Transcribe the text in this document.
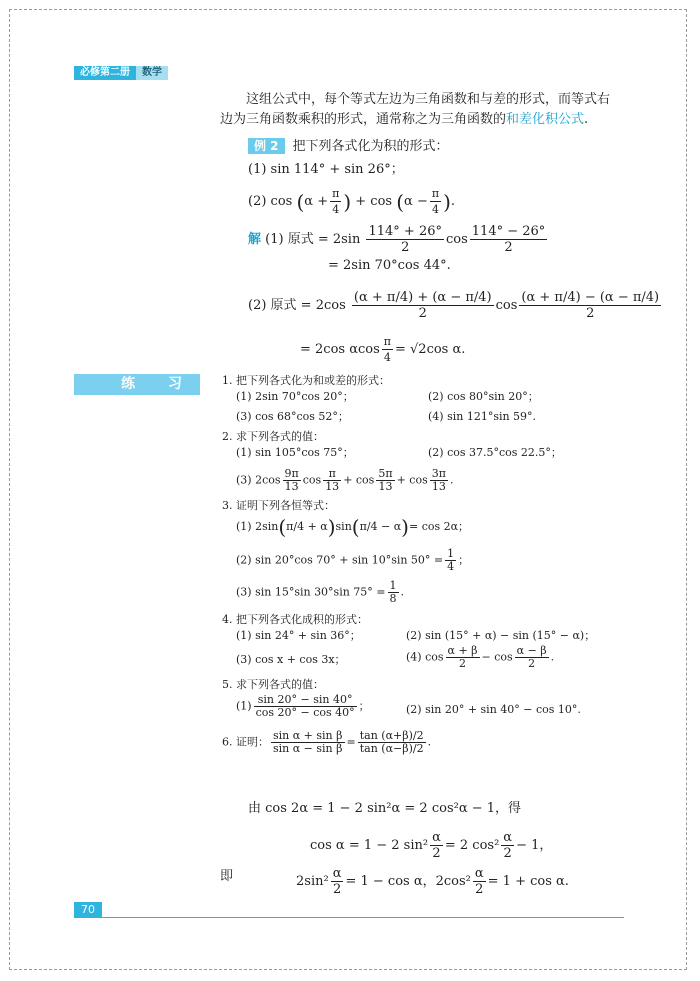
必修第二册	数学
这组公式中，每个等式左边为三角函数和与差的形式，而等式右
边为三角函数乘积的形式，通常称之为三角函数的和差化积公式.
例 2 把下列各式化为积的形式：
(1) sin 114° + sin 26°；
(2) $\cos (\alpha + \frac{\pi}{4}$ ) + $\cos (\alpha - \frac{\pi}{4}$ ).
解 (1) 原式 = $2\sin \frac{114^\circ + 26^\circ}{2}$ $\cos \frac{114^\circ - 26^\circ}{2}$
= 2sin 70°cos 44°.
(2) 原式 = $2\cos \frac{(\alpha + \pi/4) + (\alpha - \pi/4)}{2}$ $\cos \frac{(\alpha + \pi/4) - (\alpha - \pi/4)}{2}$
= 2cos αcos $\frac{\pi}{4} = √2\cos$ α.
练 习	1. 把下列各式化为和或差的形式：
(1) 2sin 70°cos 20°；	(2) cos 80°sin 20°；
(3) cos 68°cos 52°；	(4) sin 121°sin 59°.
2. 求下列各式的值：
(1) sin 105°cos 75°；	(2) cos 37.5°cos 22.5°；
(3) $2\cos \frac{9\pi}{13}$ $\cos \frac{\pi}{13} + \cos \frac{5\pi}{13} + \cos \frac{3\pi}{13}$ .
3. 证明下列各恒等式：
(1) 2sin(π/4 + α)sin(π/4 − α)= cos 2α；
(2) sin 20°cos 70° + sin 10°sin $50^\circ = \frac{1}{4}$ ；
(3) sin 15°sin 30°sin $75^\circ = \frac{1}{8}$ .
4. 把下列各式化成积的形式：
(1) sin 24° + sin 36°；	(2) sin (15° + α) − sin (15° − α)；
(3) cos x + cos 3x；	(4) $\cos \frac{\alpha + \beta}{2} - \cos \frac{\alpha - \beta}{2}$ .
5. 求下列各式的值：
$(1) \frac{\sin 20^\circ - \sin 40^\circ}{\cos 20^\circ - \cos 40^\circ}$ ；	(2) sin 20° + sin 40° − cos 10°.
6. 证明： $\frac{\text{sin α + sin β}}{\text{sin α − sin β}} = \frac{\tan (\alpha+\beta)/2}{\tan (\alpha-\beta)/2}$ .
由 cos 2α = 1 − 2 sin²α = 2 cos²α − 1，得
cos α = 1 − 2 $\sin^2 \frac{\alpha}{2} = 2$ $\cos^2 \frac{\alpha}{2} - 1$，
即	$2\sin^2 \frac{\alpha}{2} = 1 - \cos \alpha$，$2\cos^2 \frac{\alpha}{2} = 1 + \cos \alpha$.
70
